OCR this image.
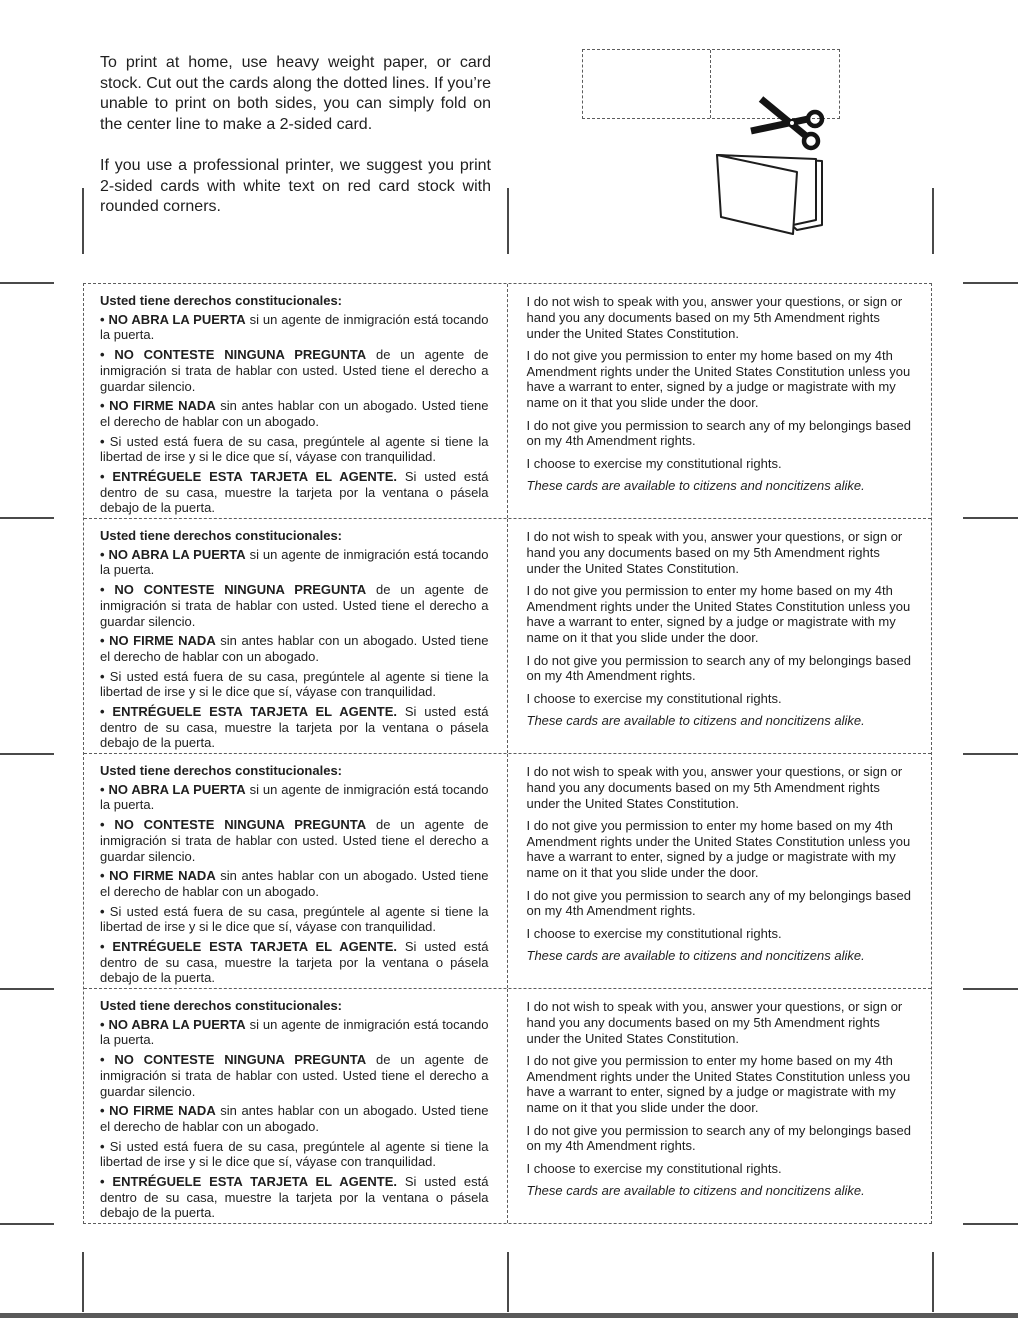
To print at home, use heavy weight paper, or card stock. Cut out the cards along the dotted lines. If you’re unable to print on both sides, you can simply fold on the center line to make a 2-sided card.

If you use a professional printer, we suggest you print 2-sided cards with white text on red card stock with rounded corners.

Usted tiene derechos constitucionales:

• NO ABRA LA PUERTA si un agente de inmigración está tocando la puerta.

• NO CONTESTE NINGUNA PREGUNTA de un agente de inmigración si trata de hablar con usted. Usted tiene el derecho a guardar silencio.

• NO FIRME NADA sin antes hablar con un abogado. Usted tiene el derecho de hablar con un abogado.

• Si usted está fuera de su casa, pregúntele al agente si tiene la libertad de irse y si le dice que sí, váyase con tranquilidad.

• ENTRÉGUELE ESTA TARJETA EL AGENTE. Si usted está dentro de su casa, muestre la tarjeta por la ventana o pásela debajo de la puerta.

I do not wish to speak with you, answer your questions, or sign or hand you any documents based on my 5th Amendment rights under the United States Constitution.

I do not give you permission to enter my home based on my 4th Amendment rights under the United States Constitution unless you have a warrant to enter, signed by a judge or magistrate with my name on it that you slide under the door.

I do not give you permission to search any of my belongings based on my 4th Amendment rights.

I choose to exercise my constitutional rights.

These cards are available to citizens and noncitizens alike.

Usted tiene derechos constitucionales:

• NO ABRA LA PUERTA si un agente de inmigración está tocando la puerta.

• NO CONTESTE NINGUNA PREGUNTA de un agente de inmigración si trata de hablar con usted. Usted tiene el derecho a guardar silencio.

• NO FIRME NADA sin antes hablar con un abogado. Usted tiene el derecho de hablar con un abogado.

• Si usted está fuera de su casa, pregúntele al agente si tiene la libertad de irse y si le dice que sí, váyase con tranquilidad.

• ENTRÉGUELE ESTA TARJETA EL AGENTE. Si usted está dentro de su casa, muestre la tarjeta por la ventana o pásela debajo de la puerta.

I do not wish to speak with you, answer your questions, or sign or hand you any documents based on my 5th Amendment rights under the United States Constitution.

I do not give you permission to enter my home based on my 4th Amendment rights under the United States Constitution unless you have a warrant to enter, signed by a judge or magistrate with my name on it that you slide under the door.

I do not give you permission to search any of my belongings based on my 4th Amendment rights.

I choose to exercise my constitutional rights.

These cards are available to citizens and noncitizens alike.

Usted tiene derechos constitucionales:

• NO ABRA LA PUERTA si un agente de inmigración está tocando la puerta.

• NO CONTESTE NINGUNA PREGUNTA de un agente de inmigración si trata de hablar con usted. Usted tiene el derecho a guardar silencio.

• NO FIRME NADA sin antes hablar con un abogado. Usted tiene el derecho de hablar con un abogado.

• Si usted está fuera de su casa, pregúntele al agente si tiene la libertad de irse y si le dice que sí, váyase con tranquilidad.

• ENTRÉGUELE ESTA TARJETA EL AGENTE. Si usted está dentro de su casa, muestre la tarjeta por la ventana o pásela debajo de la puerta.

I do not wish to speak with you, answer your questions, or sign or hand you any documents based on my 5th Amendment rights under the United States Constitution.

I do not give you permission to enter my home based on my 4th Amendment rights under the United States Constitution unless you have a warrant to enter, signed by a judge or magistrate with my name on it that you slide under the door.

I do not give you permission to search any of my belongings based on my 4th Amendment rights.

I choose to exercise my constitutional rights.

These cards are available to citizens and noncitizens alike.

Usted tiene derechos constitucionales:

• NO ABRA LA PUERTA si un agente de inmigración está tocando la puerta.

• NO CONTESTE NINGUNA PREGUNTA de un agente de inmigración si trata de hablar con usted. Usted tiene el derecho a guardar silencio.

• NO FIRME NADA sin antes hablar con un abogado. Usted tiene el derecho de hablar con un abogado.

• Si usted está fuera de su casa, pregúntele al agente si tiene la libertad de irse y si le dice que sí, váyase con tranquilidad.

• ENTRÉGUELE ESTA TARJETA EL AGENTE. Si usted está dentro de su casa, muestre la tarjeta por la ventana o pásela debajo de la puerta.

I do not wish to speak with you, answer your questions, or sign or hand you any documents based on my 5th Amendment rights under the United States Constitution.

I do not give you permission to enter my home based on my 4th Amendment rights under the United States Constitution unless you have a warrant to enter, signed by a judge or magistrate with my name on it that you slide under the door.

I do not give you permission to search any of my belongings based on my 4th Amendment rights.

I choose to exercise my constitutional rights.

These cards are available to citizens and noncitizens alike.
